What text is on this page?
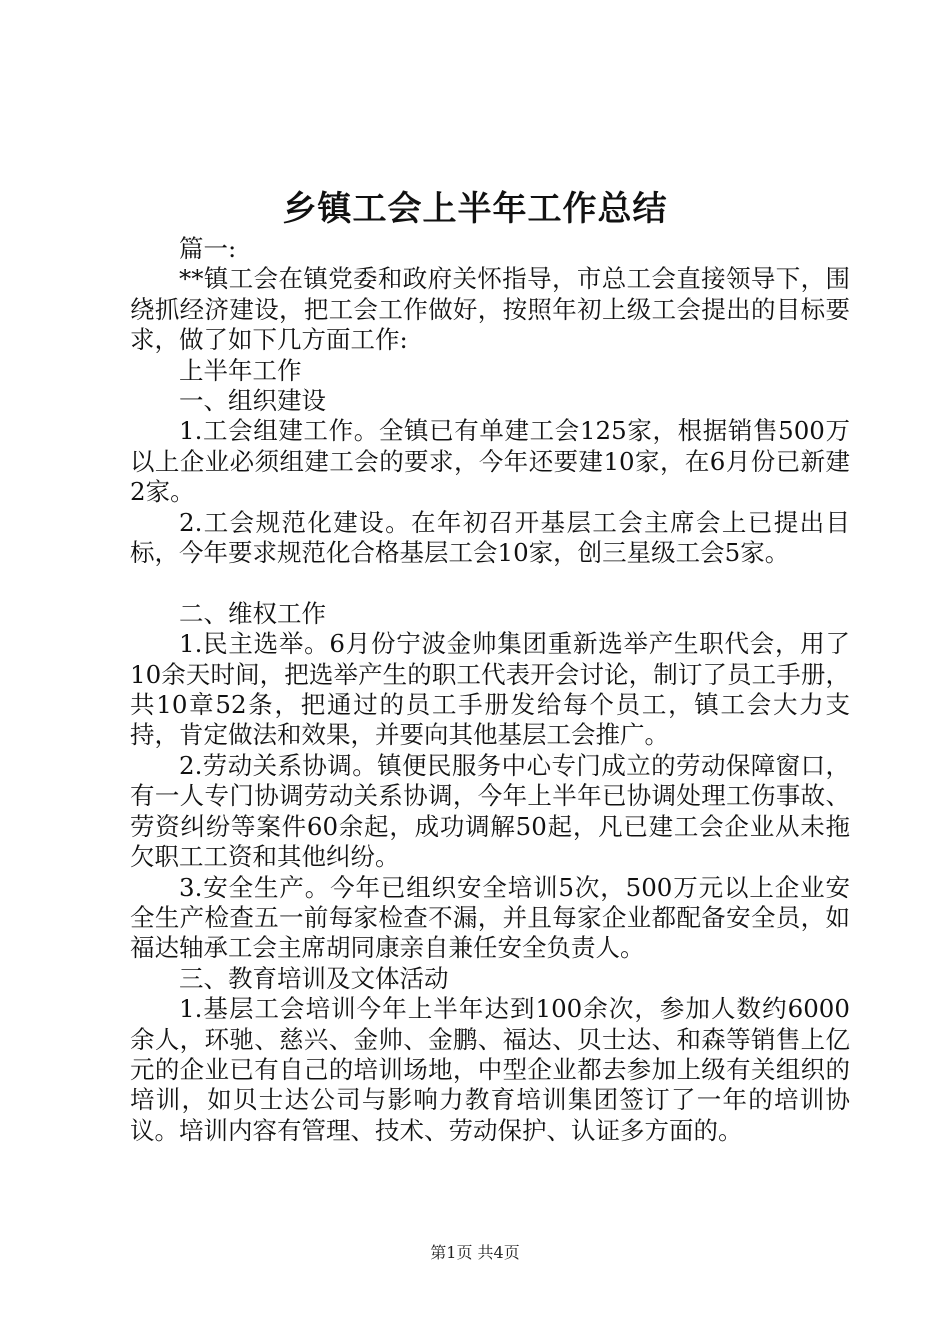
乡镇工会上半年工作总结

篇一:

**镇工会在镇党委和政府关怀指导，市总工会直接领导下，围绕抓经济建设，把工会工作做好，按照年初上级工会提出的目标要求，做了如下几方面工作:

上半年工作

一、组织建设

1.工会组建工作。全镇已有单建工会125家，根据销售500万以上企业必须组建工会的要求，今年还要建10家，在6月份已新建2家。

2.工会规范化建设。在年初召开基层工会主席会上已提出目标，今年要求规范化合格基层工会10家，创三星级工会5家。

二、维权工作

1.民主选举。6月份宁波金帅集团重新选举产生职代会，用了10余天时间，把选举产生的职工代表开会讨论，制订了员工手册，共10章52条，把通过的员工手册发给每个员工，镇工会大力支持，肯定做法和效果，并要向其他基层工会推广。

2.劳动关系协调。镇便民服务中心专门成立的劳动保障窗口，有一人专门协调劳动关系协调，今年上半年已协调处理工伤事故、劳资纠纷等案件60余起，成功调解50起，凡已建工会企业从未拖欠职工工资和其他纠纷。

3.安全生产。今年已组织安全培训5次，500万元以上企业安全生产检查五一前每家检查不漏，并且每家企业都配备安全员，如福达轴承工会主席胡同康亲自兼任安全负责人。

三、教育培训及文体活动

1.基层工会培训今年上半年达到100余次，参加人数约6000余人，环驰、慈兴、金帅、金鹏、福达、贝士达、和森等销售上亿元的企业已有自己的培训场地，中型企业都去参加上级有关组织的培训，如贝士达公司与影响力教育培训集团签订了一年的培训协议。培训内容有管理、技术、劳动保护、认证多方面的。

第1页 共4页
